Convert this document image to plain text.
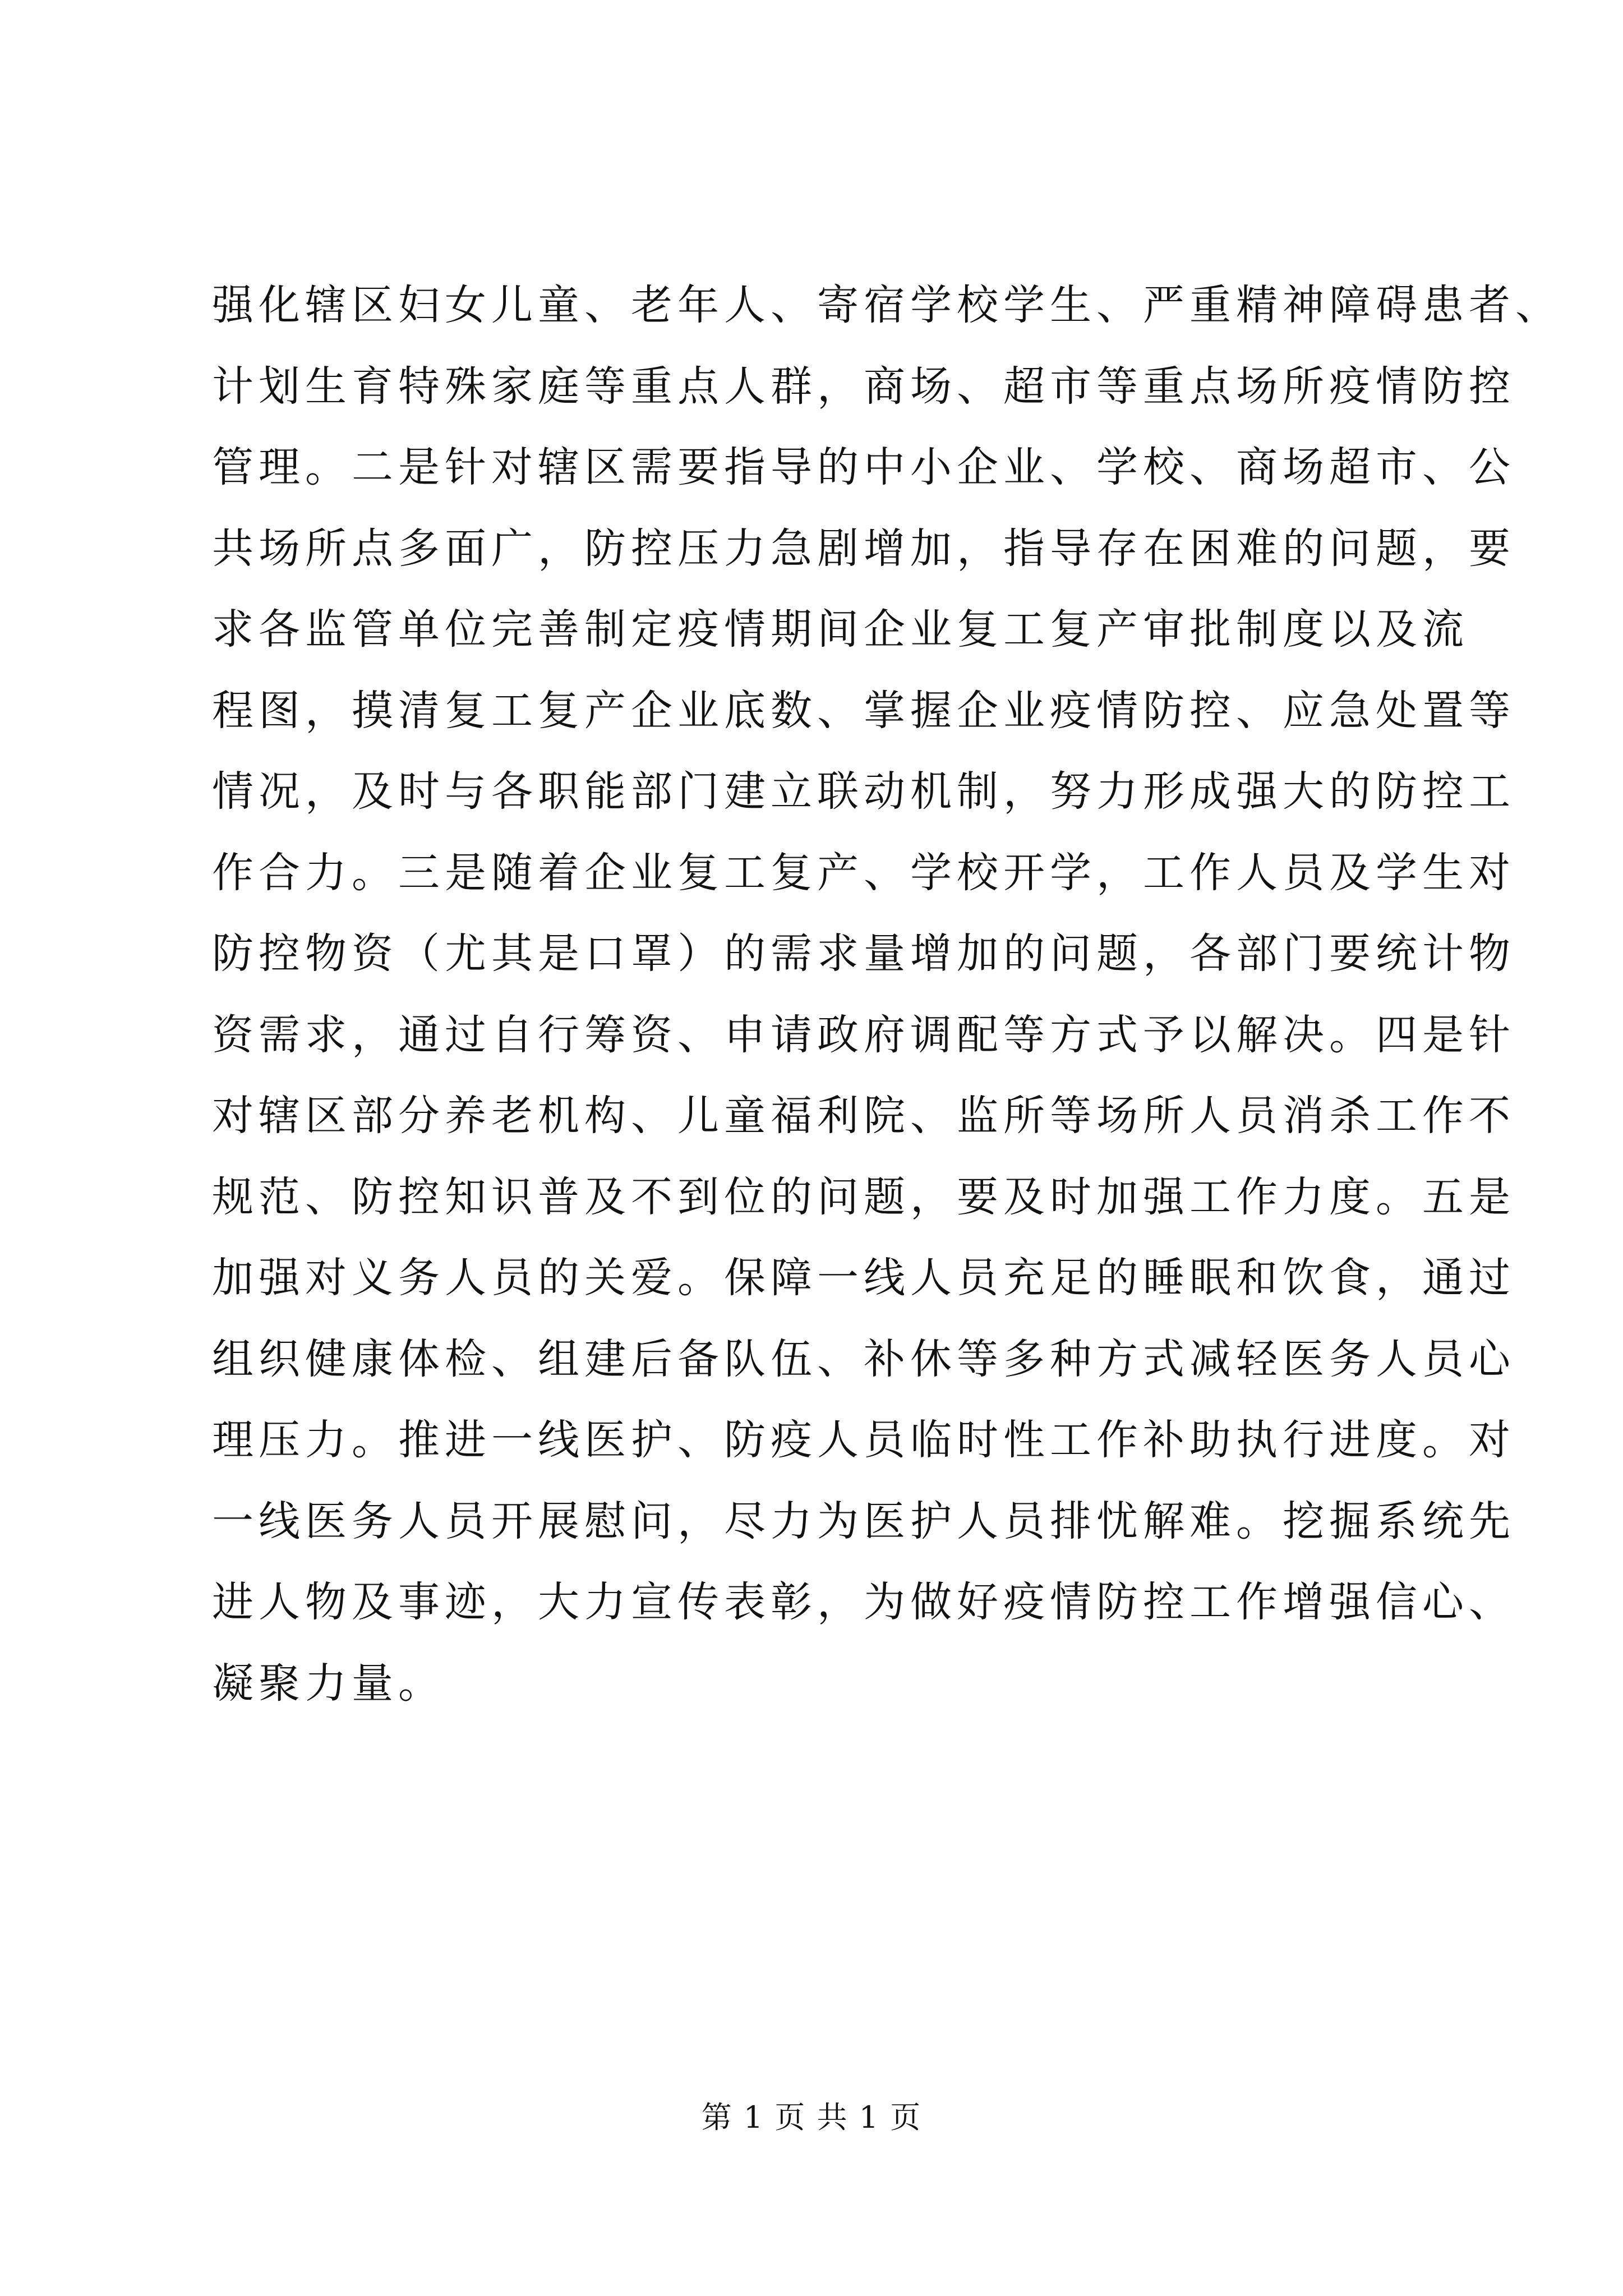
强化辖区妇女儿童、老年人、寄宿学校学生、严重精神障碍患者、
计划生育特殊家庭等重点人群，商场、超市等重点场所疫情防控
管理。二是针对辖区需要指导的中小企业、学校、商场超市、公
共场所点多面广，防控压力急剧增加，指导存在困难的问题，要
求各监管单位完善制定疫情期间企业复工复产审批制度以及流
程图，摸清复工复产企业底数、掌握企业疫情防控、应急处置等
情况，及时与各职能部门建立联动机制，努力形成强大的防控工
作合力。三是随着企业复工复产、学校开学，工作人员及学生对
防控物资（尤其是口罩）的需求量增加的问题，各部门要统计物
资需求，通过自行筹资、申请政府调配等方式予以解决。四是针
对辖区部分养老机构、儿童福利院、监所等场所人员消杀工作不
规范、防控知识普及不到位的问题，要及时加强工作力度。五是
加强对义务人员的关爱。保障一线人员充足的睡眠和饮食，通过
组织健康体检、组建后备队伍、补休等多种方式减轻医务人员心
理压力。推进一线医护、防疫人员临时性工作补助执行进度。对
一线医务人员开展慰问，尽力为医护人员排忧解难。挖掘系统先
进人物及事迹，大力宣传表彰，为做好疫情防控工作增强信心、
凝聚力量。
第 1 页 共 1 页
